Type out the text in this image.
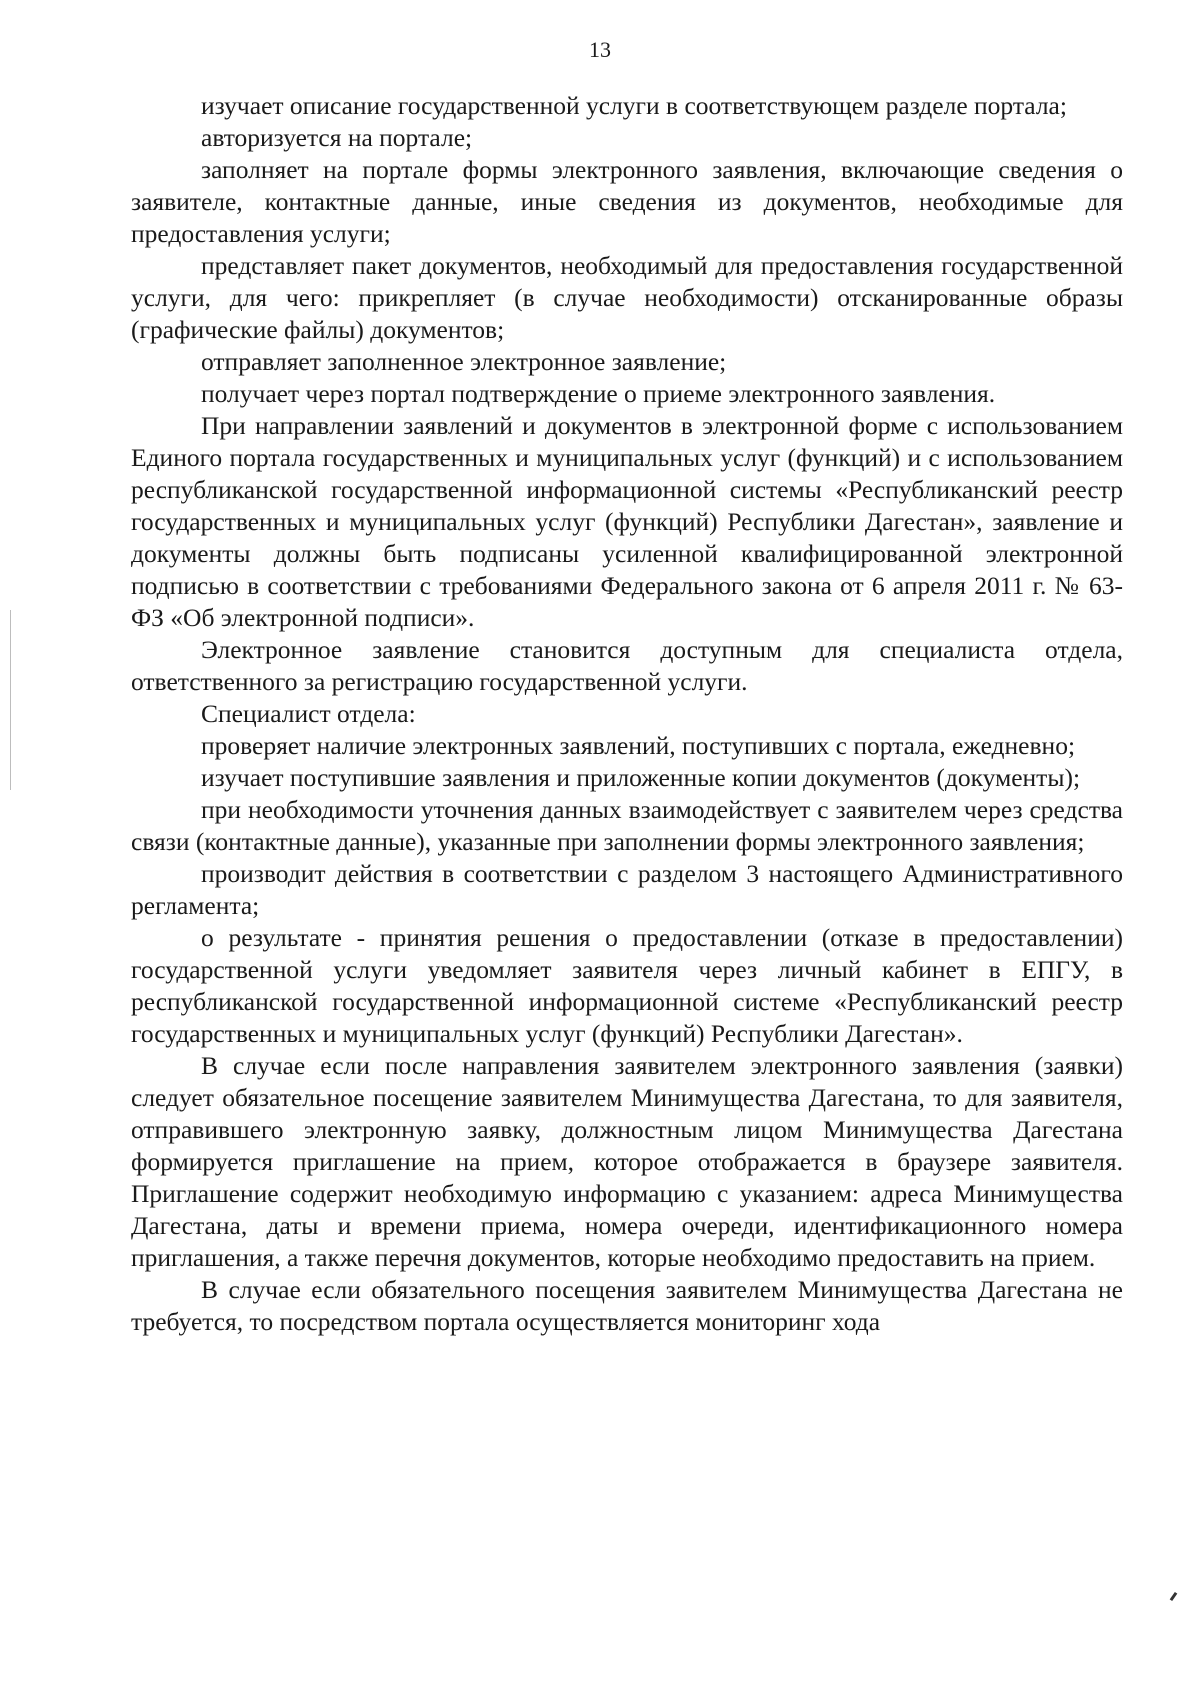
13

изучает описание государственной услуги в соответствующем разделе портала;

авторизуется на портале;

заполняет на портале формы электронного заявления, включающие сведения о заявителе, контактные данные, иные сведения из документов, необходимые для предоставления услуги;

представляет пакет документов, необходимый для предоставления государственной услуги, для чего: прикрепляет (в случае необходимости) отсканированные образы (графические файлы) документов;

отправляет заполненное электронное заявление;

получает через портал подтверждение о приеме электронного заявления.

При направлении заявлений и документов в электронной форме с использованием Единого портала государственных и муниципальных услуг (функций) и с использованием республиканской государственной информационной системы «Республиканский реестр государственных и муниципальных услуг (функций) Республики Дагестан», заявление и документы должны быть подписаны усиленной квалифицированной электронной подписью в соответствии с требованиями Федерального закона от 6 апреля 2011 г. № 63-ФЗ «Об электронной подписи».

Электронное заявление становится доступным для специалиста отдела, ответственного за регистрацию государственной услуги.

Специалист отдела:

проверяет наличие электронных заявлений, поступивших с портала, ежедневно;

изучает поступившие заявления и приложенные копии документов (документы);

при необходимости уточнения данных взаимодействует с заявителем через средства связи (контактные данные), указанные при заполнении формы электронного заявления;

производит действия в соответствии с разделом 3 настоящего Административного регламента;

о результате - принятия решения о предоставлении (отказе в предоставлении) государственной услуги уведомляет заявителя через личный кабинет в ЕПГУ, в республиканской государственной информационной системе «Республиканский реестр государственных и муниципальных услуг (функций) Республики Дагестан».

В случае если после направления заявителем электронного заявления (заявки) следует обязательное посещение заявителем Минимущества Дагестана, то для заявителя, отправившего электронную заявку, должностным лицом Минимущества Дагестана формируется приглашение на прием, которое отображается в браузере заявителя. Приглашение содержит необходимую информацию с указанием: адреса Минимущества Дагестана, даты и времени приема, номера очереди, идентификационного номера приглашения, а также перечня документов, которые необходимо предоставить на прием.

В случае если обязательного посещения заявителем Минимущества Дагестана не требуется, то посредством портала осуществляется мониторинг хода
